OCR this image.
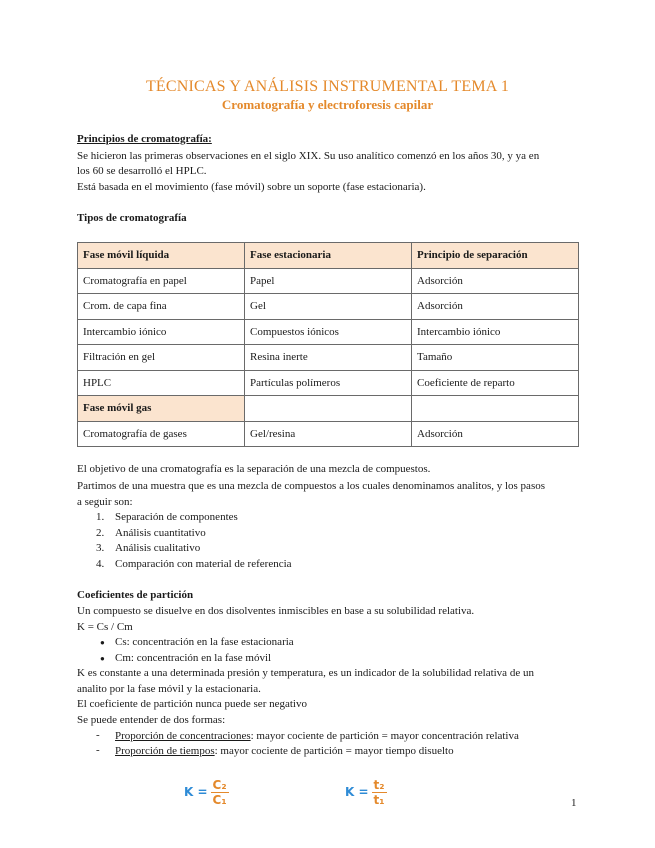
TÉCNICAS Y ANÁLISIS INSTRUMENTAL TEMA 1
Cromatografía y electroforesis capilar
Principios de cromatografía:
Se hicieron las primeras observaciones en el siglo XIX. Su uso analítico comenzó en los años 30, y ya en
los 60 se desarrolló el HPLC.
Está basada en el movimiento (fase móvil) sobre un soporte (fase estacionaria).
Tipos de cromatografía
Fase móvil líquida	Fase estacionaria	Principio de separación
Cromatografía en papel	Papel	Adsorción
Crom. de capa fina	Gel	Adsorción
Intercambio iónico	Compuestos iónicos	Intercambio iónico
Filtración en gel	Resina inerte	Tamaño
HPLC	Partículas polímeros	Coeficiente de reparto
Fase móvil gas		
Cromatografía de gases	Gel/resina	Adsorción
El objetivo de una cromatografía es la separación de una mezcla de compuestos.
Partimos de una muestra que es una mezcla de compuestos a los cuales denominamos analitos, y los pasos
a seguir son:
1. Separación de componentes
2. Análisis cuantitativo
3. Análisis cualitativo
4. Comparación con material de referencia
Coeficientes de partición
Un compuesto se disuelve en dos disolventes inmiscibles en base a su solubilidad relativa.
K = Cs / Cm
● Cs: concentración en la fase estacionaria
● Cm: concentración en la fase móvil
K es constante a una determinada presión y temperatura, es un indicador de la solubilidad relativa de un
analito por la fase móvil y la estacionaria.
El coeficiente de partición nunca puede ser negativo
Se puede entender de dos formas:
- Proporción de concentraciones: mayor cociente de partición = mayor concentración relativa
- Proporción de tiempos: mayor cociente de partición = mayor tiempo disuelto
$K = \frac{\text{C₂}}{\text{C₁}}$	$K = \frac{\text{t₂}}{\text{t₁}}$	1
